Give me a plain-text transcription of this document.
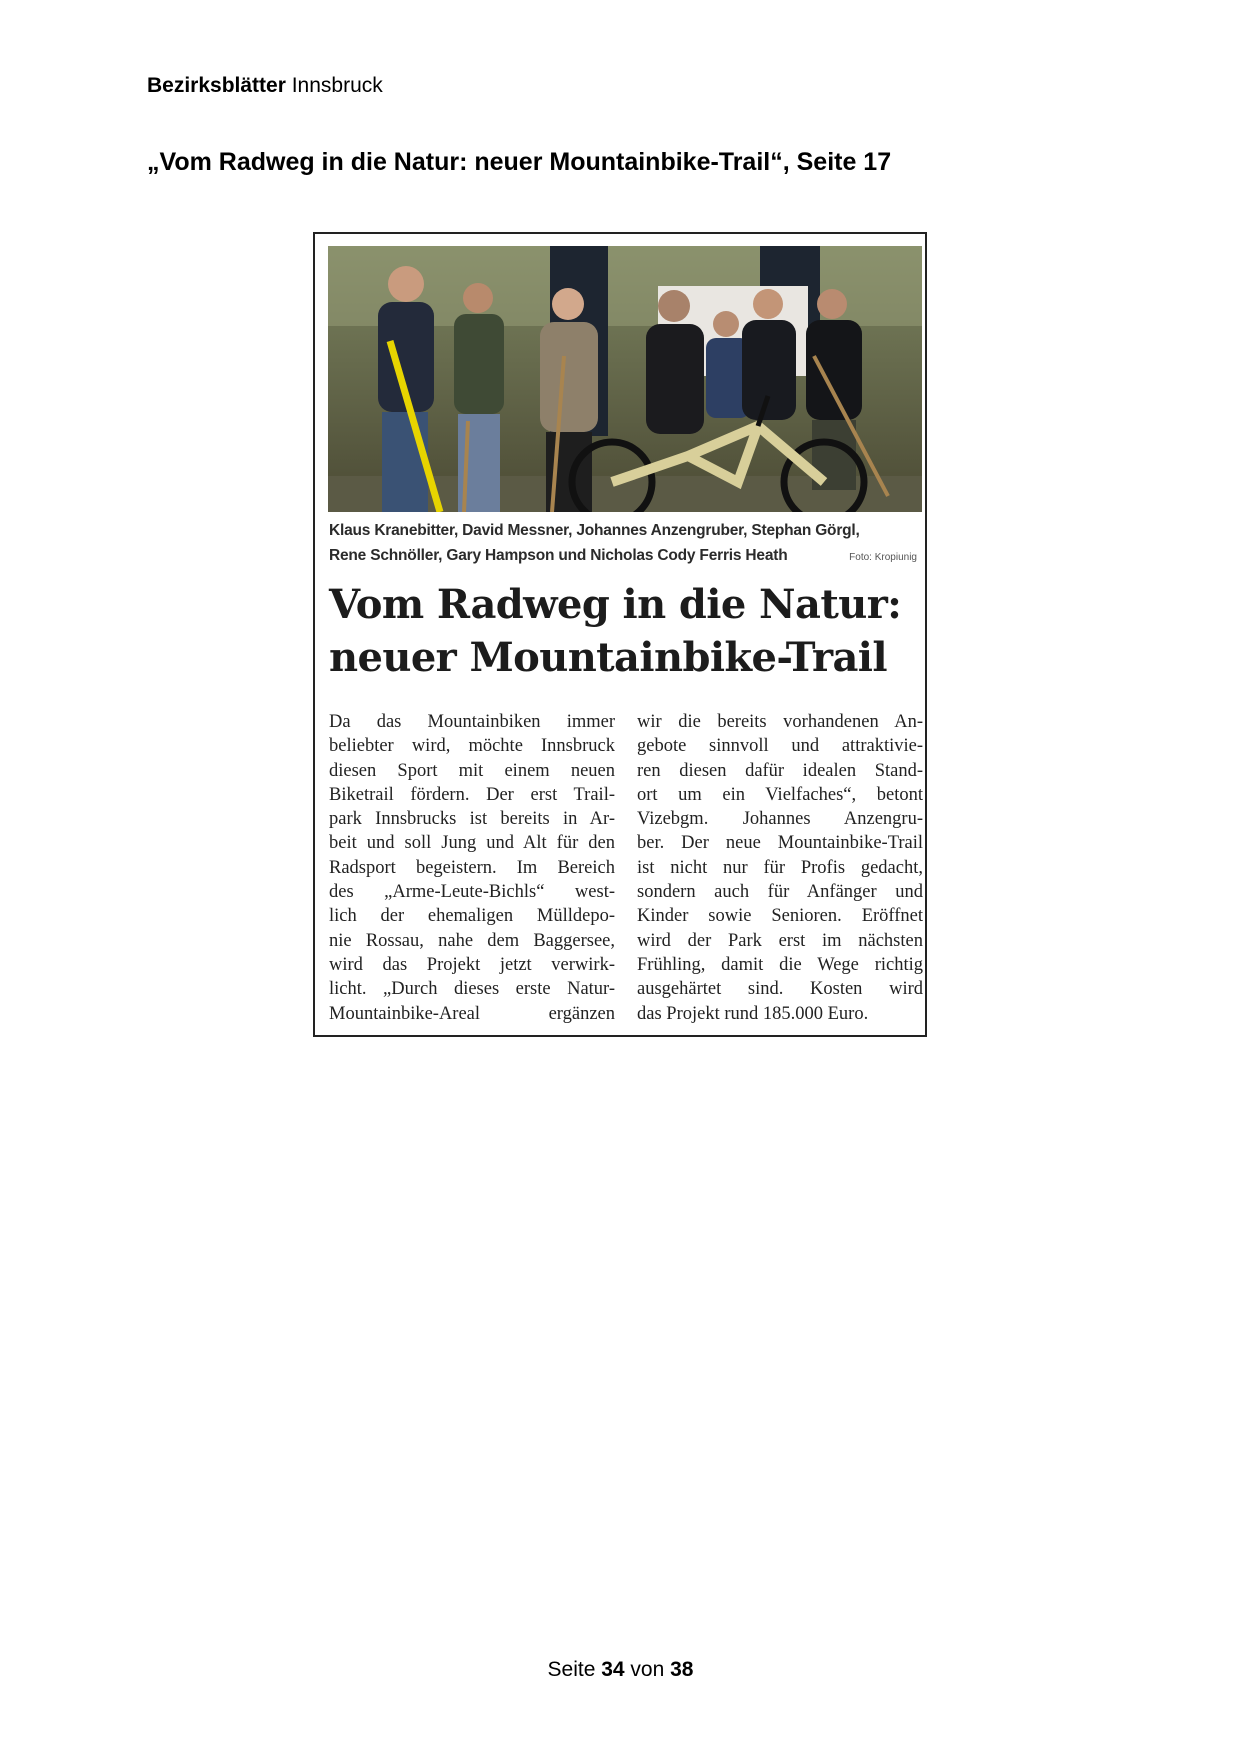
Bezirksblätter Innsbruck
„Vom Radweg in die Natur: neuer Mountainbike-Trail“, Seite 17
Klaus Kranebitter, David Messner, Johannes Anzengruber, Stephan Görgl,
Rene Schnöller, Gary Hampson und Nicholas Cody Ferris Heath	Foto: Kropiunig
Vom Radweg in die Natur:
neuer Mountainbike-Trail
Da das Mountainbiken immer
beliebter wird, möchte Innsbruck
diesen Sport mit einem neuen
Biketrail fördern. Der erst Trail-
park Innsbrucks ist bereits in Ar-
beit und soll Jung und Alt für den
Radsport begeistern. Im Bereich
des „Arme-Leute-Bichls“ west-
lich der ehemaligen Mülldepo-
nie Rossau, nahe dem Baggersee,
wird das Projekt jetzt verwirk-
licht. „Durch dieses erste Natur-
Mountainbike-Areal ergänzen
wir die bereits vorhandenen An-
gebote sinnvoll und attraktivie-
ren diesen dafür idealen Stand-
ort um ein Vielfaches“, betont
Vizebgm. Johannes Anzengru-
ber. Der neue Mountainbike-Trail
ist nicht nur für Profis gedacht,
sondern auch für Anfänger und
Kinder sowie Senioren. Eröffnet
wird der Park erst im nächsten
Frühling, damit die Wege richtig
ausgehärtet sind. Kosten wird
das Projekt rund 185.000 Euro.
Seite 34 von 38
